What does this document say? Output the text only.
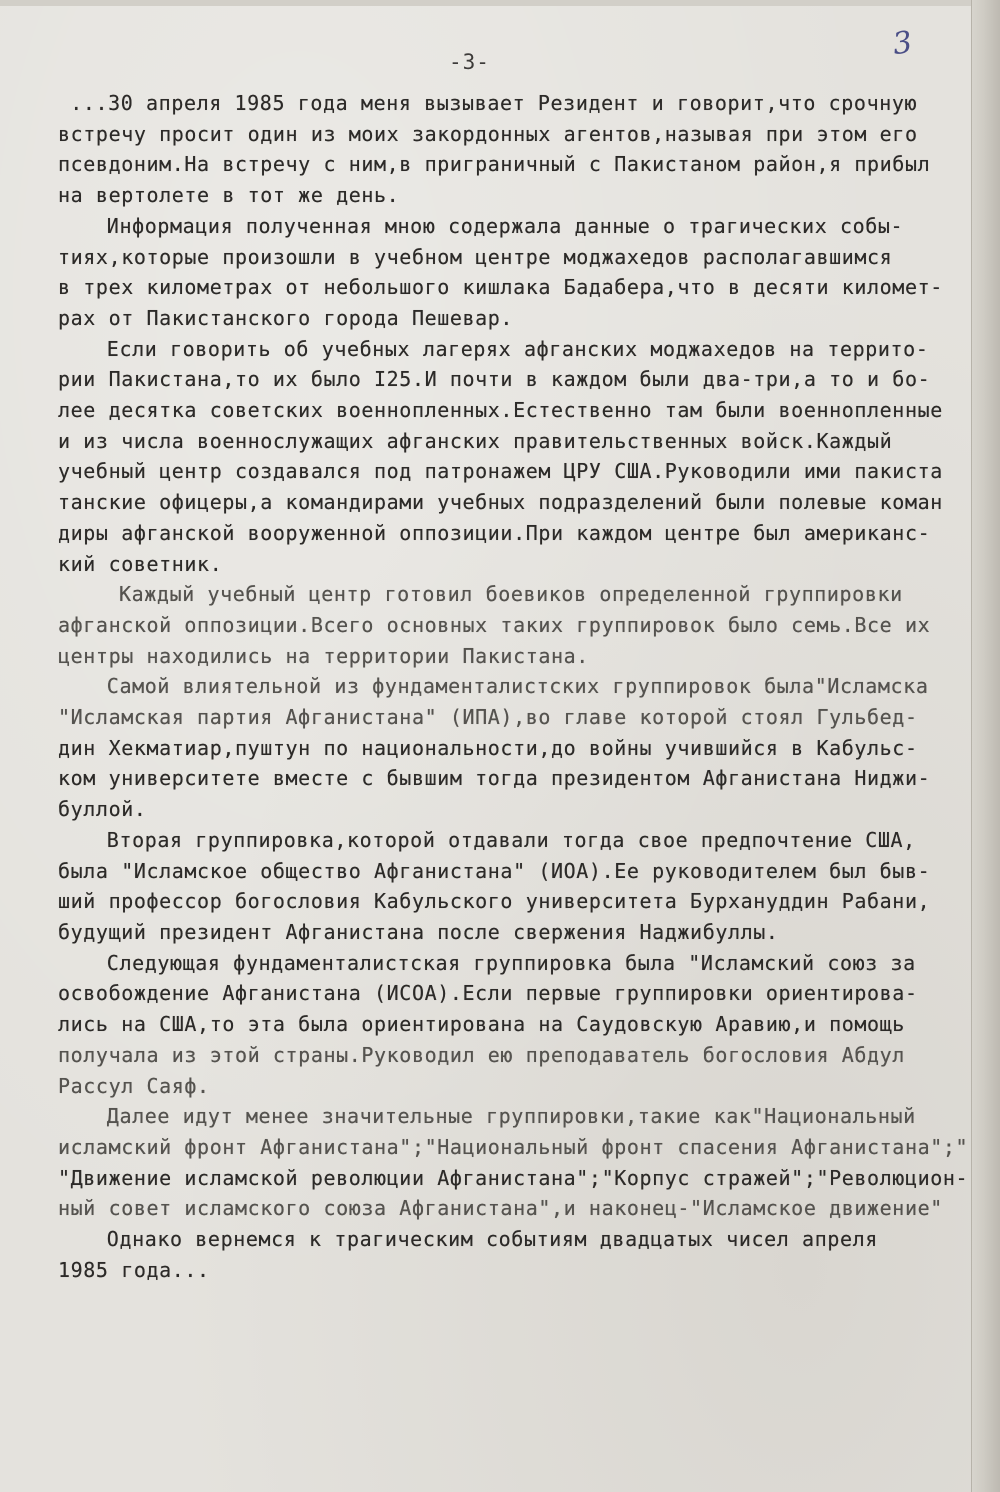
3
-3-
...30 апреля 1985 года меня вызывает Резидент и говорит,что срочную
встречу просит один из моих закордонных агентов,называя при этом его
псевдоним.На встречу с ним,в приграничный с Пакистаном район,я прибыл
на вертолете в тот же день.
Информация полученная мною содержала данные о трагических собы-
тиях,которые произошли в учебном центре моджахедов располагавшимся
в трех километрах от небольшого кишлака Бадабера,что в десяти километ-
рах от Пакистанского города Пешевар.
Если говорить об учебных лагерях афганских моджахедов на террито-
рии Пакистана,то их было I25.И почти в каждом были два-три,а то и бо-
лее десятка советских военнопленных.Естественно там были военнопленные
и из числа военнослужащих афганских правительственных войск.Каждый
учебный центр создавался под патронажем ЦРУ США.Руководили ими пакиста
танские офицеры,а командирами учебных подразделений были полевые коман
диры афганской вооруженной оппозиции.При каждом центре был американс-
кий советник.
Каждый учебный центр готовил боевиков определенной группировки
афганской оппозиции.Всего основных таких группировок было семь.Все их
центры находились на территории Пакистана.
Самой влиятельной из фундаменталистских группировок была"Исламска
"Исламская партия Афганистана" (ИПА),во главе которой стоял Гульбед-
дин Хекматиар,пуштун по национальности,до войны учившийся в Кабульс-
ком университете вместе с бывшим тогда президентом Афганистана Ниджи-
буллой.
Вторая группировка,которой отдавали тогда свое предпочтение США,
была "Исламское общество Афганистана" (ИОА).Ее руководителем был быв-
ший профессор богословия Кабульского университета Бурхануддин Рабани,
будущий президент Афганистана после свержения Наджибуллы.
Следующая фундаменталистская группировка была "Исламский союз за
освобождение Афганистана (ИСОА).Если первые группировки ориентирова-
лись на США,то эта была ориентирована на Саудовскую Аравию,и помощь
получала из этой страны.Руководил ею преподаватель богословия Абдул
Рассул Саяф.
Далее идут менее значительные группировки,такие как"Национальный
исламский фронт Афганистана";"Национальный фронт спасения Афганистана";"
"Движение исламской революции Афганистана";"Корпус стражей";"Революцион-
ный совет исламского союза Афганистана",и наконец-"Исламское движение"
Однако вернемся к трагическим событиям двадцатых чисел апреля
1985 года...
